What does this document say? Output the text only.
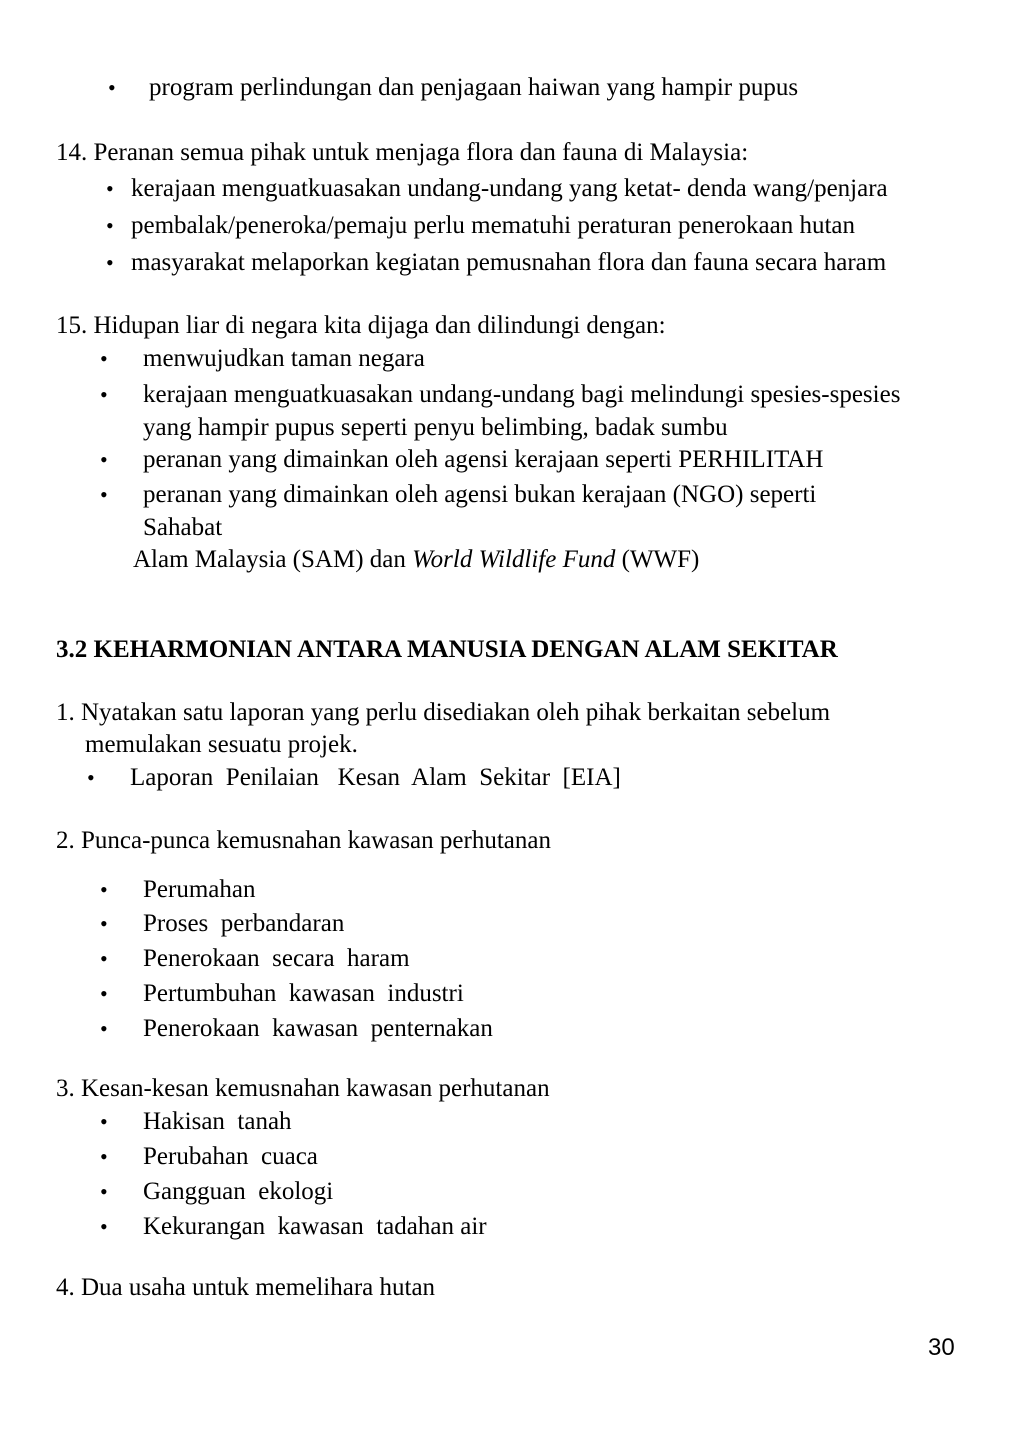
• program perlindungan dan penjagaan haiwan yang hampir pupus
14. Peranan semua pihak untuk menjaga flora dan fauna di Malaysia:
• kerajaan menguatkuasakan undang-undang yang ketat- denda wang/penjara
• pembalak/peneroka/pemaju perlu mematuhi peraturan penerokaan hutan
• masyarakat melaporkan kegiatan pemusnahan flora dan fauna secara haram
15. Hidupan liar di negara kita dijaga dan dilindungi dengan:
• menwujudkan taman negara
• kerajaan menguatkuasakan undang-undang bagi melindungi spesies-spesies
yang hampir pupus seperti penyu belimbing, badak sumbu
• peranan yang dimainkan oleh agensi kerajaan seperti PERHILITAH
• peranan yang dimainkan oleh agensi bukan kerajaan (NGO) seperti
Sahabat
Alam Malaysia (SAM) dan World Wildlife Fund (WWF)
3.2 KEHARMONIAN ANTARA MANUSIA DENGAN ALAM SEKITAR
1. Nyatakan satu laporan yang perlu disediakan oleh pihak berkaitan sebelum
memulakan sesuatu projek.
• Laporan  Penilaian   Kesan  Alam  Sekitar  [EIA]
2. Punca-punca kemusnahan kawasan perhutanan
• Perumahan
• Proses  perbandaran
• Penerokaan  secara  haram
• Pertumbuhan  kawasan  industri
• Penerokaan  kawasan  penternakan
3. Kesan-kesan kemusnahan kawasan perhutanan
• Hakisan  tanah
• Perubahan  cuaca
• Gangguan  ekologi
• Kekurangan  kawasan  tadahan air
4. Dua usaha untuk memelihara hutan
30
